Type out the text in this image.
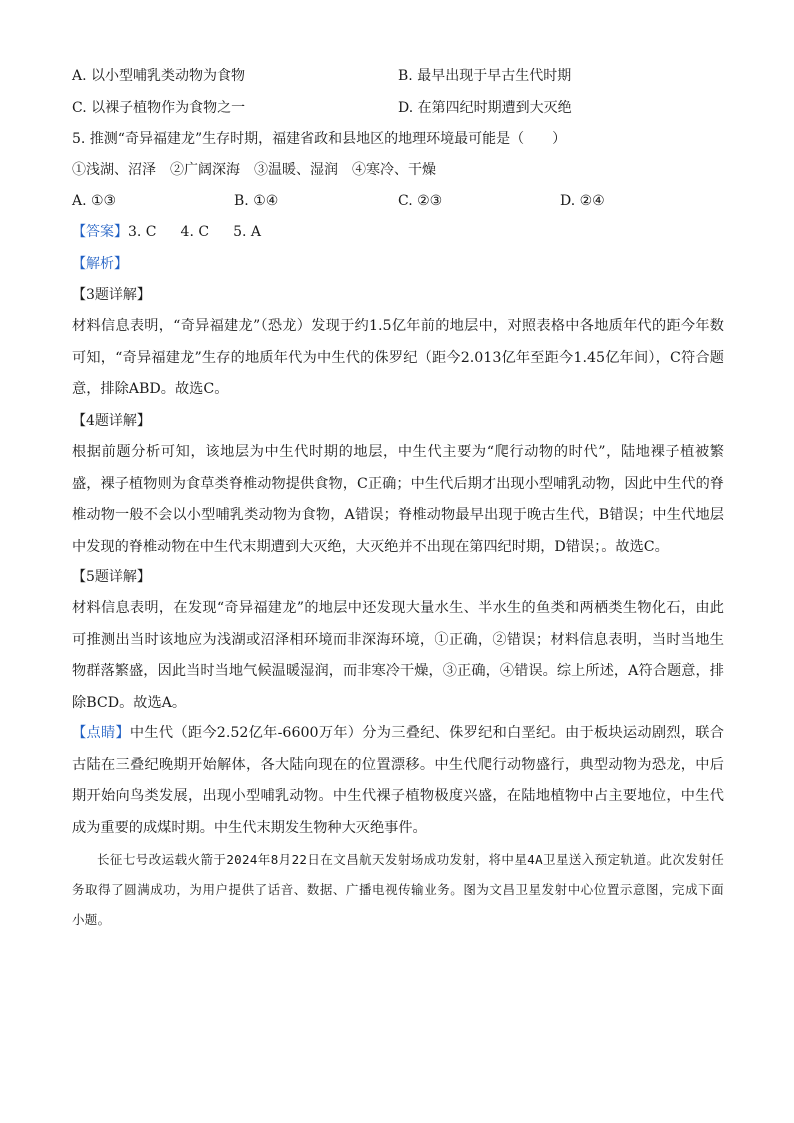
A. 以小型哺乳类动物为食物	B. 最早出现于早古生代时期
C. 以裸子植物作为食物之一	D. 在第四纪时期遭到大灭绝
5. 推测“奇异福建龙”生存时期，福建省政和县地区的地理环境最可能是（　　）
①浅湖、沼泽　②广阔深海　③温暖、湿润　④寒冷、干燥
A. ①③	B. ①④	C. ②③	D. ②④
【答案】3. C 4. C 5. A
【解析】
【3题详解】
材料信息表明，“奇异福建龙”（恐龙）发现于约1.5亿年前的地层中，对照表格中各地质年代的距今年数可知，“奇异福建龙”生存的地质年代为中生代的侏罗纪（距今2.013亿年至距今1.45亿年间），C符合题意，排除ABD。故选C。
【4题详解】
根据前题分析可知，该地层为中生代时期的地层，中生代主要为“爬行动物的时代”，陆地裸子植被繁盛，裸子植物则为食草类脊椎动物提供食物，C正确；中生代后期才出现小型哺乳动物，因此中生代的脊椎动物一般不会以小型哺乳类动物为食物，A错误；脊椎动物最早出现于晚古生代，B错误；中生代地层中发现的脊椎动物在中生代末期遭到大灭绝，大灭绝并不出现在第四纪时期，D错误；。故选C。
【5题详解】
材料信息表明，在发现“奇异福建龙”的地层中还发现大量水生、半水生的鱼类和两栖类生物化石，由此可推测出当时该地应为浅湖或沼泽相环境而非深海环境，①正确，②错误；材料信息表明，当时当地生物群落繁盛，因此当时当地气候温暖湿润，而非寒冷干燥，③正确，④错误。综上所述，A符合题意，排除BCD。故选A。
【点睛】中生代（距今2.52亿年-6600万年）分为三叠纪、侏罗纪和白垩纪。由于板块运动剧烈，联合古陆在三叠纪晚期开始解体，各大陆向现在的位置漂移。中生代爬行动物盛行，典型动物为恐龙，中后期开始向鸟类发展，出现小型哺乳动物。中生代裸子植物极度兴盛，在陆地植物中占主要地位，中生代成为重要的成煤时期。中生代末期发生物种大灭绝事件。
长征七号改运载火箭于2024年8月22日在文昌航天发射场成功发射，将中星4A卫星送入预定轨道。此次发射任务取得了圆满成功，为用户提供了话音、数据、广播电视传输业务。图为文昌卫星发射中心位置示意图，完成下面小题。
